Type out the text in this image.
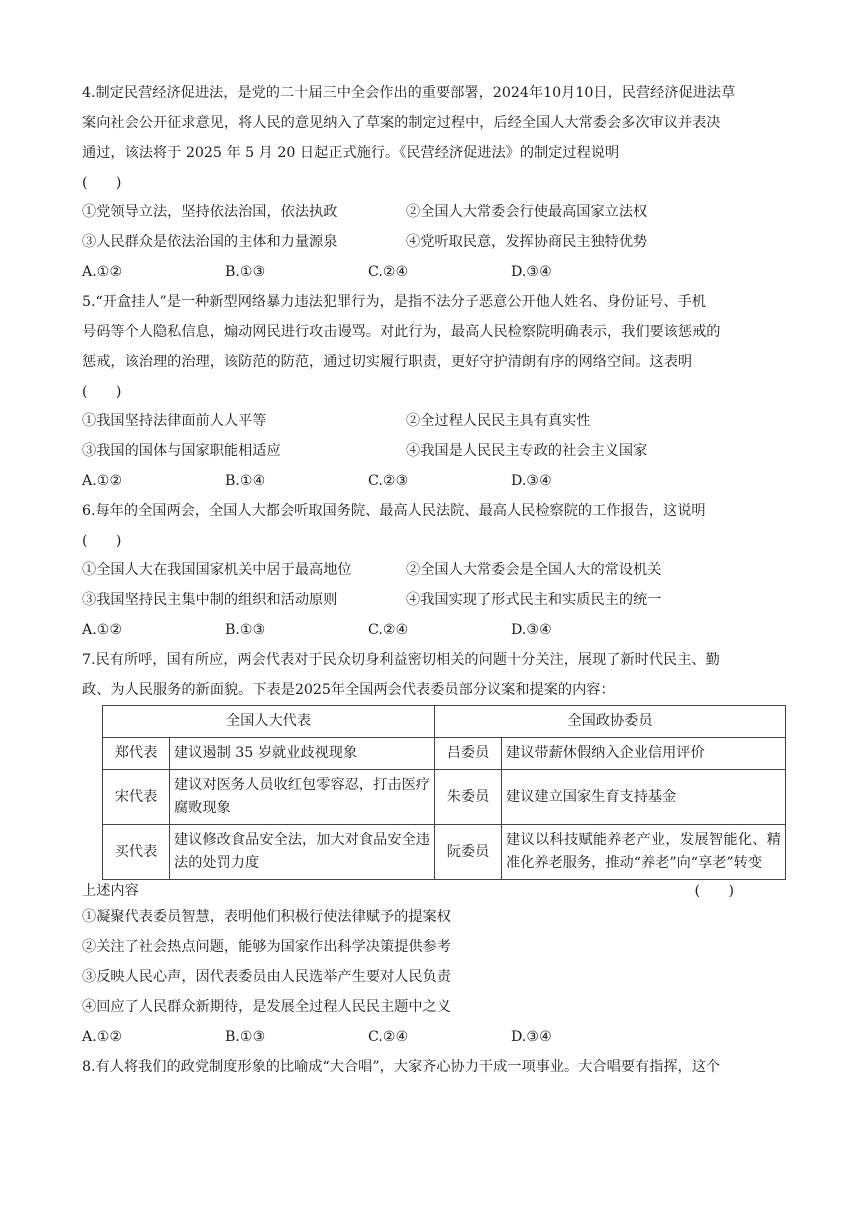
4.制定民营经济促进法，是党的二十届三中全会作出的重要部署，2024年10月10日，民营经济促进法草

案向社会公开征求意见，将人民的意见纳入了草案的制定过程中，后经全国人大常委会多次审议并表决

通过，该法将于 2025 年 5 月 20 日起正式施行。《民营经济促进法》的制定过程说明

(　　)

①党领导立法，坚持依法治国，依法执政	②全国人大常委会行使最高国家立法权
③人民群众是依法治国的主体和力量源泉	④党听取民意，发挥协商民主独特优势
A.①②	B.①③	C.②④	D.③④

5.“开盒挂人”是一种新型网络暴力违法犯罪行为，是指不法分子恶意公开他人姓名、身份证号、手机

号码等个人隐私信息，煽动网民进行攻击谩骂。对此行为，最高人民检察院明确表示，我们要该惩戒的

惩戒，该治理的治理，该防范的防范，通过切实履行职责，更好守护清朗有序的网络空间。这表明

(　　)

①我国坚持法律面前人人平等	②全过程人民民主具有真实性
③我国的国体与国家职能相适应	④我国是人民民主专政的社会主义国家
A.①②	B.①④	C.②③	D.③④

6.每年的全国两会，全国人大都会听取国务院、最高人民法院、最高人民检察院的工作报告，这说明

(　　)

①全国人大在我国国家机关中居于最高地位	②全国人大常委会是全国人大的常设机关
③我国坚持民主集中制的组织和活动原则	④我国实现了形式民主和实质民主的统一
A.①②	B.①③	C.②④	D.③④

7.民有所呼，国有所应，两会代表对于民众切身利益密切相关的问题十分关注，展现了新时代民主、勤

政、为人民服务的新面貌。下表是2025年全国两会代表委员部分议案和提案的内容：

全国人大代表		全国政协委员	
郑代表	建议遏制 35 岁就业歧视现象	吕委员	建议带薪休假纳入企业信用评价
宋代表	建议对医务人员收红包零容忍，打击医疗腐败现象	朱委员	建议建立国家生育支持基金
买代表	建议修改食品安全法，加大对食品安全违法的处罚力度	阮委员	建议以科技赋能养老产业，发展智能化、精准化养老服务，推动“养老”向“享老”转变
上述内容	(　　)

①凝聚代表委员智慧，表明他们积极行使法律赋予的提案权

②关注了社会热点问题，能够为国家作出科学决策提供参考

③反映人民心声，因代表委员由人民选举产生要对人民负责

④回应了人民群众新期待，是发展全过程人民民主题中之义

A.①②	B.①③	C.②④	D.③④

8.有人将我们的政党制度形象的比喻成“大合唱”，大家齐心协力干成一项事业。大合唱要有指挥，这个
